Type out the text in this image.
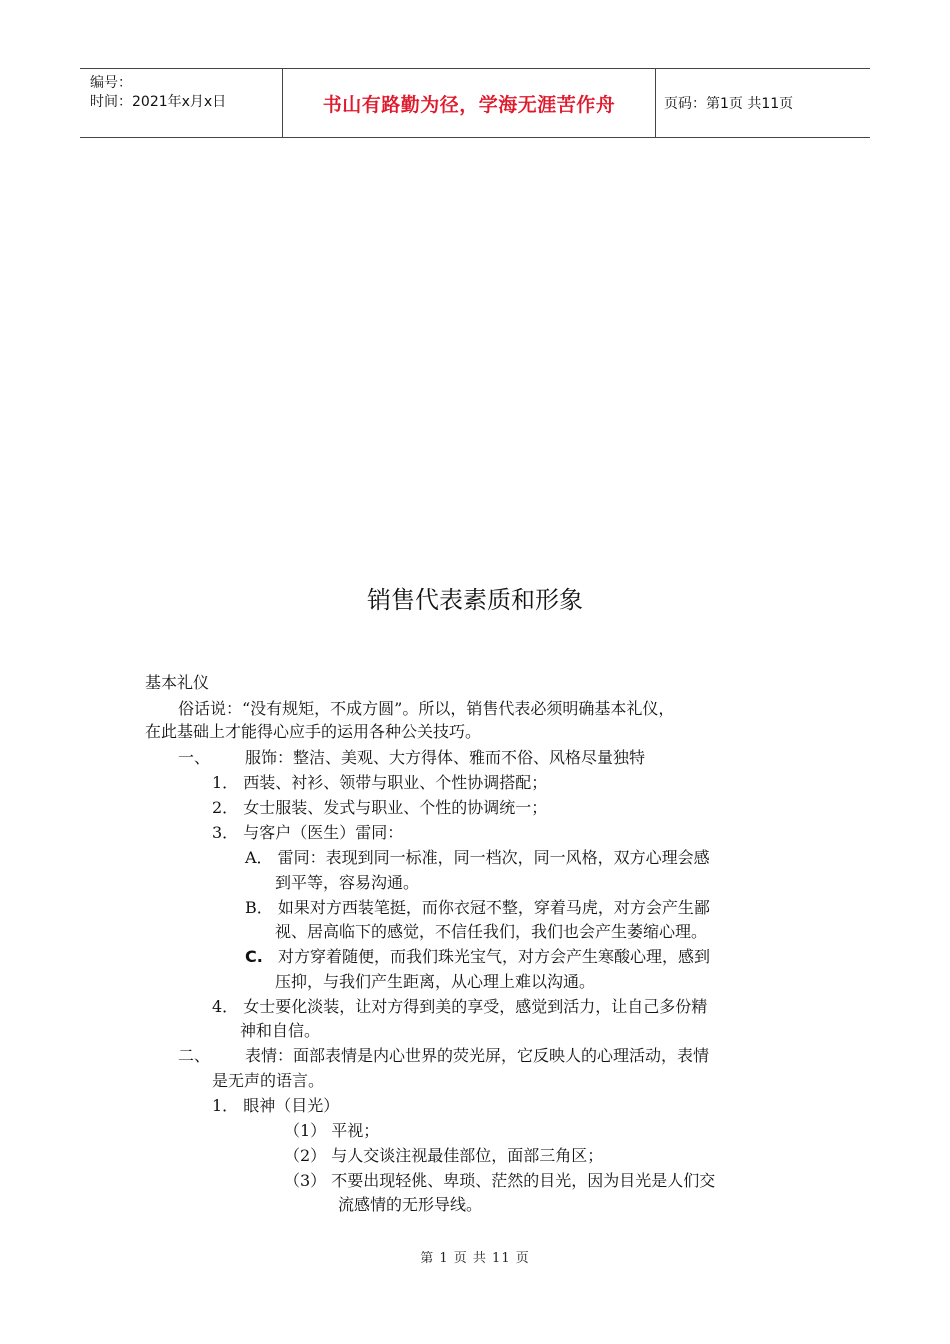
编号：
时间：2021年x月x日	书山有路勤为径，学海无涯苦作舟	页码：第1页 共11页
销售代表素质和形象
基本礼仪
俗话说：“没有规矩，不成方圆”。所以，销售代表必须明确基本礼仪，
在此基础上才能得心应手的运用各种公关技巧。
一、 服饰：整洁、美观、大方得体、雅而不俗、风格尽量独特
1． 西装、衬衫、领带与职业、个性协调搭配；
2． 女士服装、发式与职业、个性的协调统一；
3． 与客户（医生）雷同：
A． 雷同：表现到同一标准，同一档次，同一风格，双方心理会感
到平等，容易沟通。
B． 如果对方西装笔挺，而你衣冠不整，穿着马虎，对方会产生鄙
视、居高临下的感觉，不信任我们，我们也会产生萎缩心理。
C. 对方穿着随便，而我们珠光宝气，对方会产生寒酸心理，感到
压抑，与我们产生距离，从心理上难以沟通。
4． 女士要化淡装，让对方得到美的享受，感觉到活力，让自己多份精
神和自信。
二、 表情：面部表情是内心世界的荧光屏，它反映人的心理活动，表情
是无声的语言。
1． 眼神（目光）
（1） 平视；
（2） 与人交谈注视最佳部位，面部三角区；
（3） 不要出现轻佻、卑琐、茫然的目光，因为目光是人们交
流感情的无形导线。
第 1 页 共 11 页
